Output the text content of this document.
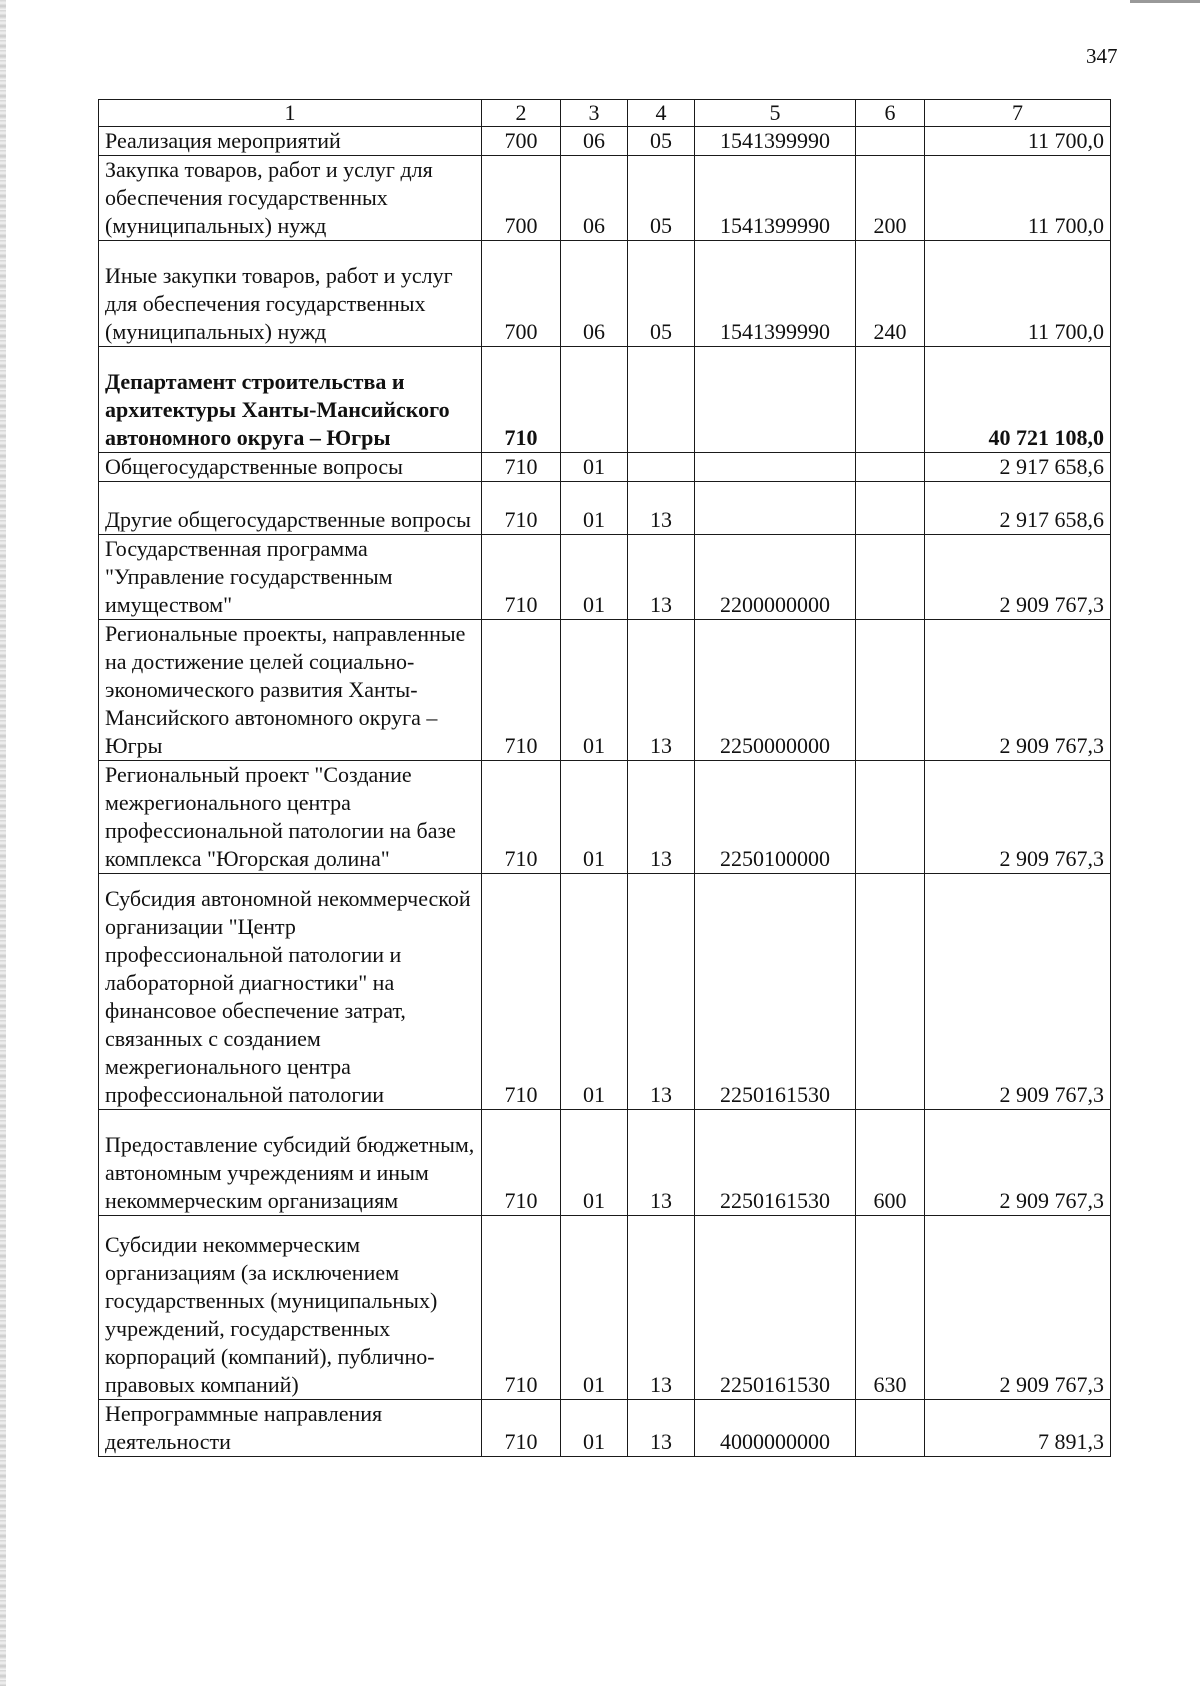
347
1	2	3	4	5	6	7
Реализация мероприятий	700	06	05	1541399990		11 700,0
Закупка товаров, работ и услуг для обеспечения государственных (муниципальных) нужд	700	06	05	1541399990	200	11 700,0
Иные закупки товаров, работ и услуг для обеспечения государственных (муниципальных) нужд	700	06	05	1541399990	240	11 700,0
Департамент строительства и архитектуры Ханты-Мансийского автономного округа – Югры	710					40 721 108,0
Общегосударственные вопросы	710	01				2 917 658,6
Другие общегосударственные вопросы	710	01	13			2 917 658,6
Государственная программа "Управление государственным имуществом"	710	01	13	2200000000		2 909 767,3
Региональные проекты, направленные на достижение целей социально-экономического развития Ханты-Мансийского автономного округа – Югры	710	01	13	2250000000		2 909 767,3
Региональный проект "Создание межрегионального центра профессиональной патологии на базе комплекса "Югорская долина"	710	01	13	2250100000		2 909 767,3
Субсидия автономной некоммерческой организации "Центр профессиональной патологии и лабораторной диагностики" на финансовое обеспечение затрат, связанных с созданием межрегионального центра профессиональной патологии	710	01	13	2250161530		2 909 767,3
Предоставление субсидий бюджетным, автономным учреждениям и иным некоммерческим организациям	710	01	13	2250161530	600	2 909 767,3
Субсидии некоммерческим организациям (за исключением государственных (муниципальных) учреждений, государственных корпораций (компаний), публично-правовых компаний)	710	01	13	2250161530	630	2 909 767,3
Непрограммные направления деятельности	710	01	13	4000000000		7 891,3
